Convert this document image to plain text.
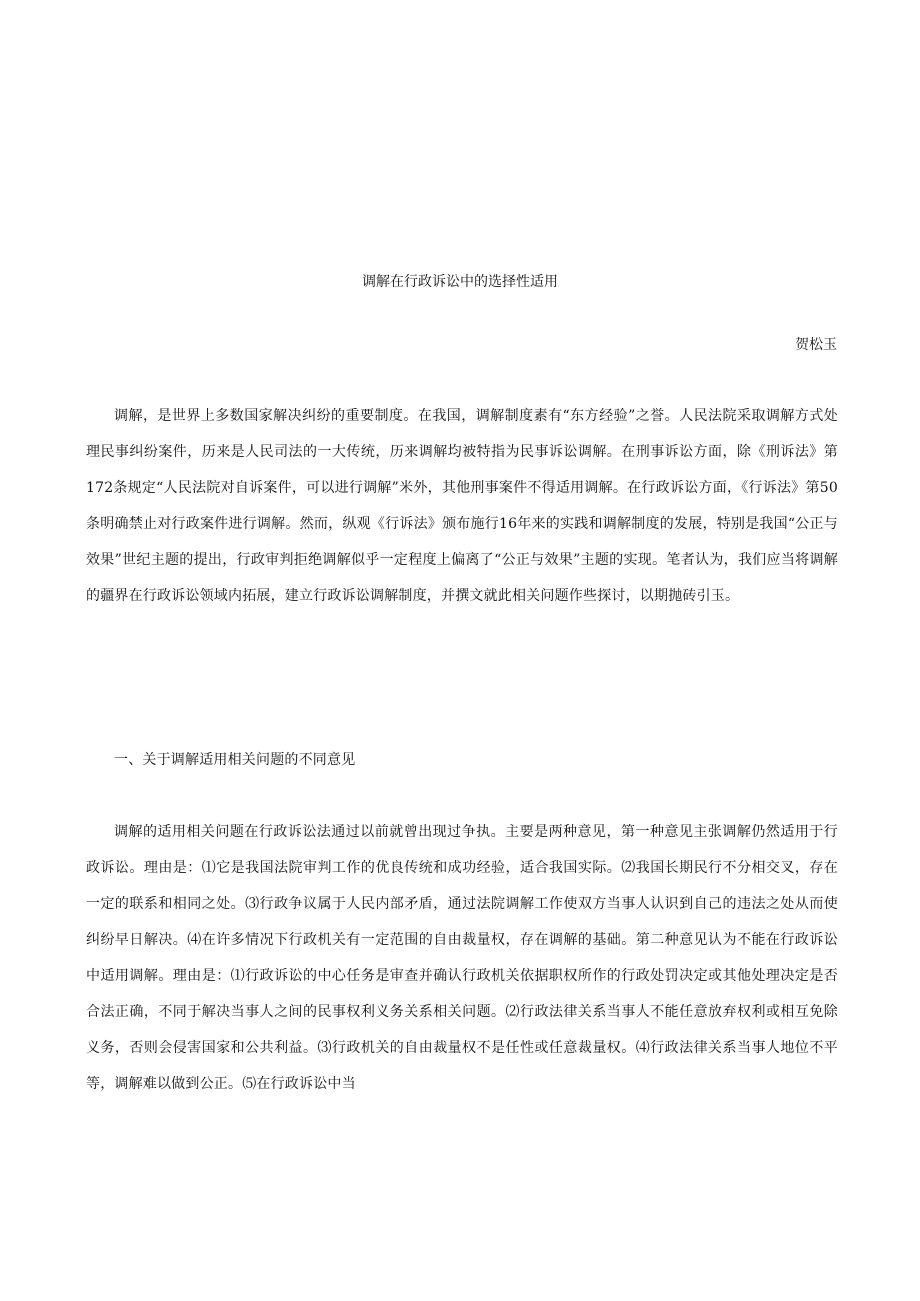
调解在行政诉讼中的选择性适用

贺松玉

调解，是世界上多数国家解决纠纷的重要制度。在我国，调解制度素有“东方经验”之誉。人民法院采取调解方式处理民事纠纷案件，历来是人民司法的一大传统，历来调解均被特指为民事诉讼调解。在刑事诉讼方面，除《刑诉法》第172条规定“人民法院对自诉案件，可以进行调解”米外，其他刑事案件不得适用调解。在行政诉讼方面，《行诉法》第50条明确禁止对行政案件进行调解。然而，纵观《行诉法》颁布施行16年来的实践和调解制度的发展，特别是我国“公正与效果”世纪主题的提出，行政审判拒绝调解似乎一定程度上偏离了“公正与效果”主题的实现。笔者认为，我们应当将调解的疆界在行政诉讼领域内拓展，建立行政诉讼调解制度，并撰文就此相关问题作些探讨，以期抛砖引玉。

一、关于调解适用相关问题的不同意见

调解的适用相关问题在行政诉讼法通过以前就曾出现过争执。主要是两种意见，第一种意见主张调解仍然适用于行政诉讼。理由是：⑴它是我国法院审判工作的优良传统和成功经验，适合我国实际。⑵我国长期民行不分相交叉，存在一定的联系和相同之处。⑶行政争议属于人民内部矛盾，通过法院调解工作使双方当事人认识到自己的违法之处从而使纠纷早日解决。⑷在许多情况下行政机关有一定范围的自由裁量权，存在调解的基础。第二种意见认为不能在行政诉讼中适用调解。理由是：⑴行政诉讼的中心任务是审查并确认行政机关依据职权所作的行政处罚决定或其他处理决定是否合法正确，不同于解决当事人之间的民事权利义务关系相关问题。⑵行政法律关系当事人不能任意放弃权利或相互免除义务，否则会侵害国家和公共利益。⑶行政机关的自由裁量权不是任性或任意裁量权。⑷行政法律关系当事人地位不平等，调解难以做到公正。⑸在行政诉讼中当
